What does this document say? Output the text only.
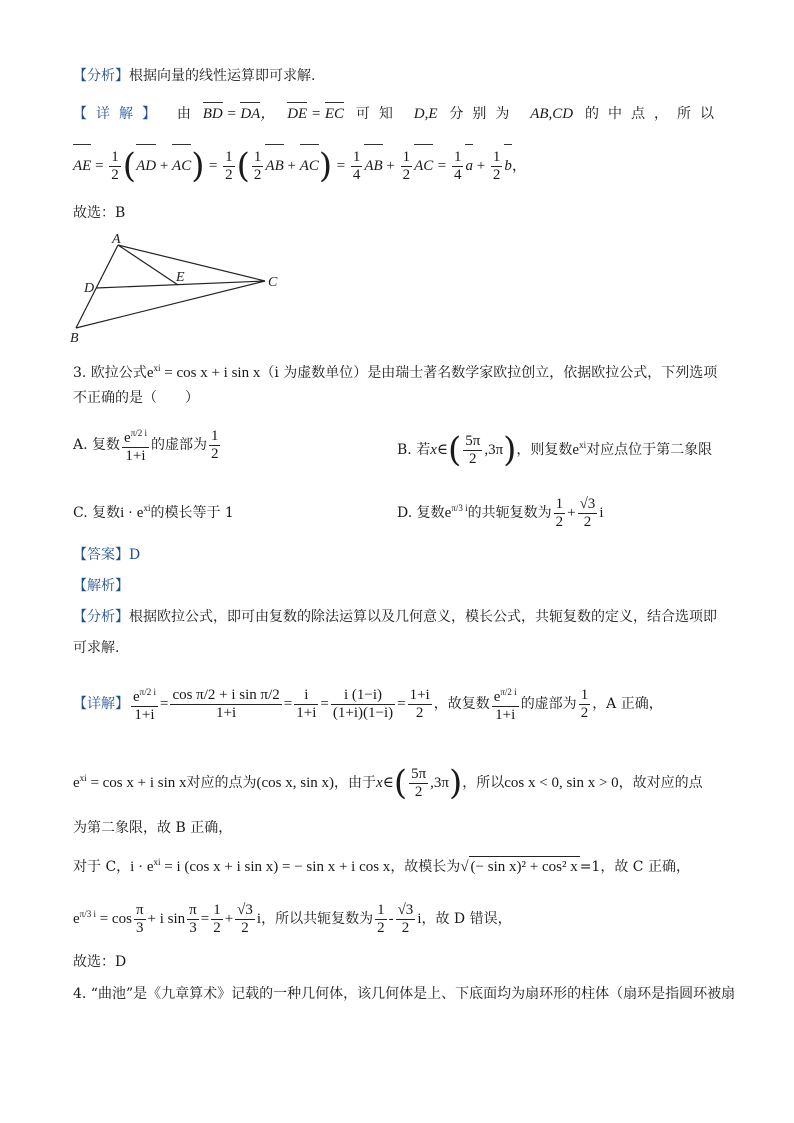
【分析】根据向量的线性运算即可求解.
【详解】 由 BD = DA， DE = EC 可知 D,E 分别为 AB,CD 的中点，所以
AE = $\frac{1}{2} (AD + AC) = \frac{1}{2}$ ( $\frac{1}{2}$ AB + $AC) = \frac{1}{4}$ AB + $\frac{1}{2}$ AC = $\frac{1}{4}$ $a + \frac{1}{2}$ b，
故选：B
A
B
C
D
E
3. 欧拉公式$e^{xi} = \cos x + i$ sin x（i 为虚数单位）是由瑞士著名数学家欧拉创立，依据欧拉公式，下列选项
不正确的是（　　）
A. 复数 $\frac{e^{\pi/2 i}}{1+i}$ 的虚部为 $\frac{1}{2}$	B. 若x∈( $\frac{5\pi}{2} ,3\pi$)，则复数$e^{xi}$对应点位于第二象限
C. 复数$i \cdot e^{xi}$的模长等于 1	D. 复数$e^{\pi/3 i}$的共轭复数为 $\frac{1}{2} + \frac{√3}{2}$ i
【答案】D
【解析】
【分析】根据欧拉公式，即可由复数的除法运算以及几何意义，模长公式，共轭复数的定义，结合选项即
可求解.
【详解】 $\frac{e^{\pi/2 i}}{1+i} = \frac{\text{cos π/2 + i sin π/2}}{1+i} = \frac{i}{1+i} = \frac{i (1-i)}{(1+i)(1-i)} = \frac{1+i}{2}$ ，故复数 $\frac{e^{\pi/2 i}}{1+i}$ 的虚部为 $\frac{1}{2}$ ，A 正确，
$e^{xi} = \cos x + i$ sin x对应的点为(cos x, sin x)，由于x∈( $\frac{5\pi}{2} ,3\pi$)，所以cos x < 0, sin x > 0，故对应的点
为第二象限，故 B 正确，
对于 C，$i \cdot e^{xi} = i$ (cos x + i sin x) = − sin x + i cos x，故模长为√ (− sin x)² + cos² x =1，故 C 正确，
$e^{\pi/3 i} = \cos \frac{\pi}{3} + i$ $\sin \frac{\pi}{3} = \frac{1}{2} + \frac{√3}{2}$ i，所以共轭复数为 $\frac{1}{2} - \frac{√3}{2}$ i，故 D 错误，
故选：D
4. “曲池”是《九章算术》记载的一种几何体，该几何体是上、下底面均为扇环形的柱体（扇环是指圆环被扇
